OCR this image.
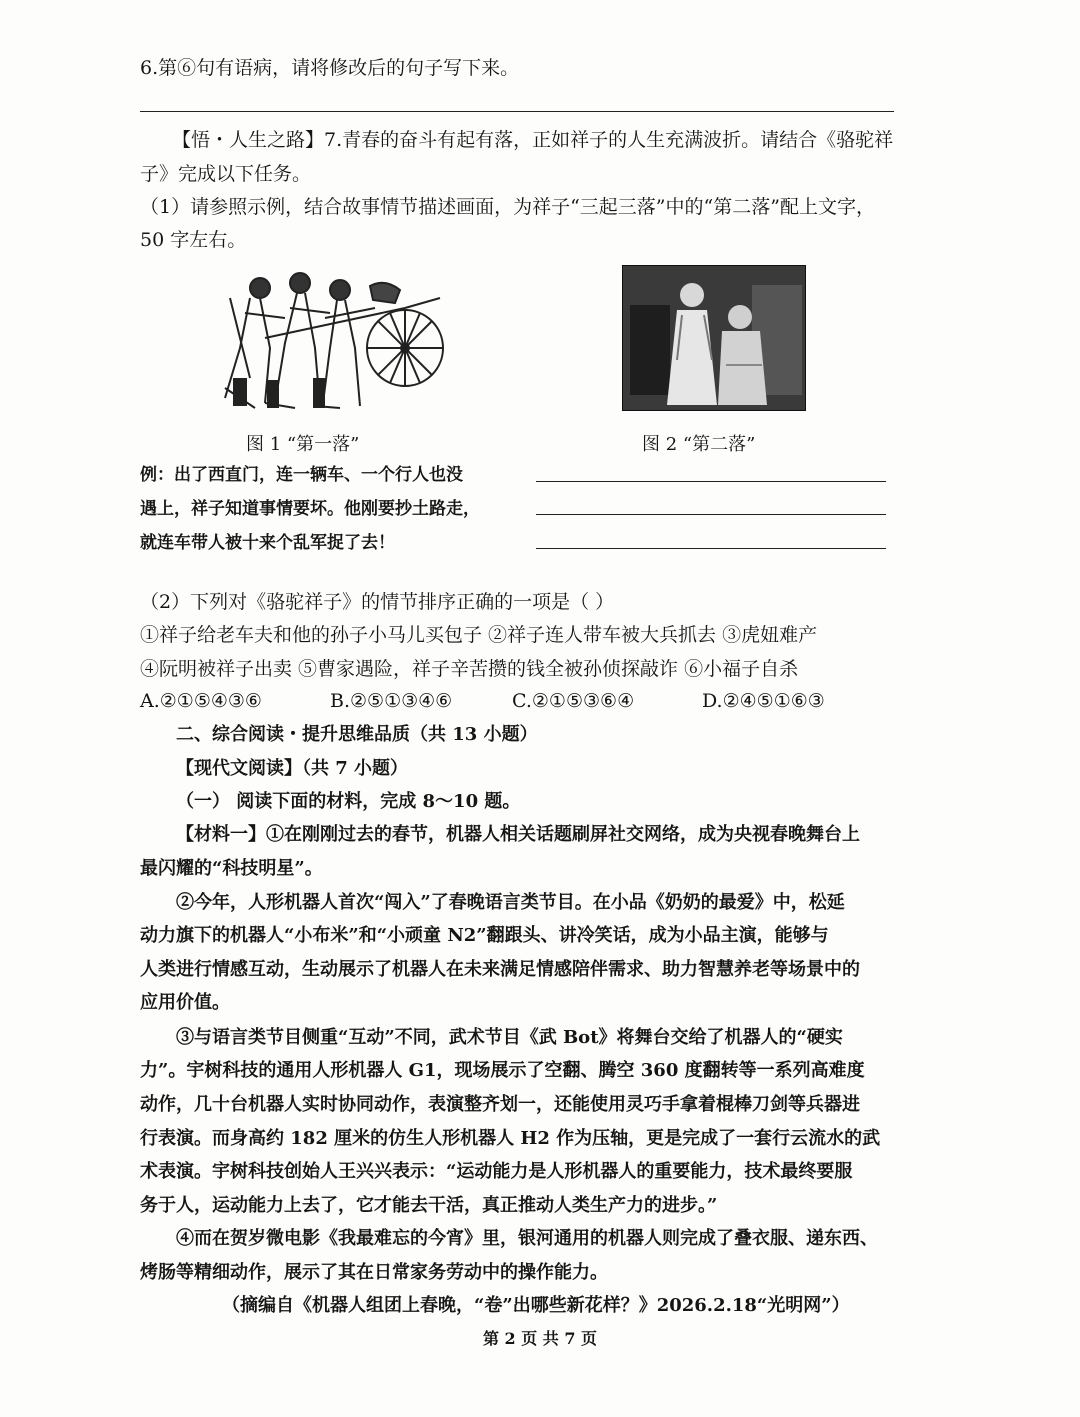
6.第⑥句有语病，请将修改后的句子写下来。
【悟・人生之路】7.青春的奋斗有起有落，正如祥子的人生充满波折。请结合《骆驼祥
子》完成以下任务。
（1）请参照示例，结合故事情节描述画面，为祥子“三起三落”中的“第二落”配上文字，
50 字左右。
图 1 “第一落”	图 2 “第二落”
例：出了西直门，连一辆车、一个行人也没
遇上，祥子知道事情要坏。他刚要抄土路走，
就连车带人被十来个乱军捉了去！
（2）下列对《骆驼祥子》的情节排序正确的一项是（ ）
①祥子给老车夫和他的孙子小马儿买包子 ②祥子连人带车被大兵抓去 ③虎妞难产
④阮明被祥子出卖 ⑤曹家遇险，祥子辛苦攒的钱全被孙侦探敲诈 ⑥小福子自杀
A.②①⑤④③⑥	B.②⑤①③④⑥	C.②①⑤③⑥④	D.②④⑤①⑥③
二、综合阅读・提升思维品质（共 13 小题）
【现代文阅读】（共 7 小题）
（一） 阅读下面的材料，完成 8～10 题。
【材料一】①在刚刚过去的春节，机器人相关话题刷屏社交网络，成为央视春晚舞台上
最闪耀的“科技明星”。
②今年，人形机器人首次“闯入”了春晚语言类节目。在小品《奶奶的最爱》中，松延
动力旗下的机器人“小布米”和“小顽童 N2”翻跟头、讲冷笑话，成为小品主演，能够与
人类进行情感互动，生动展示了机器人在未来满足情感陪伴需求、助力智慧养老等场景中的
应用价值。
③与语言类节目侧重“互动”不同，武术节目《武 Bot》将舞台交给了机器人的“硬实
力”。宇树科技的通用人形机器人 G1，现场展示了空翻、腾空 360 度翻转等一系列高难度
动作，几十台机器人实时协同动作，表演整齐划一，还能使用灵巧手拿着棍棒刀剑等兵器进
行表演。而身高约 182 厘米的仿生人形机器人 H2 作为压轴，更是完成了一套行云流水的武
术表演。宇树科技创始人王兴兴表示：“运动能力是人形机器人的重要能力，技术最终要服
务于人，运动能力上去了，它才能去干活，真正推动人类生产力的进步。”
④而在贺岁微电影《我最难忘的今宵》里，银河通用的机器人则完成了叠衣服、递东西、
烤肠等精细动作，展示了其在日常家务劳动中的操作能力。
（摘编自《机器人组团上春晚，“卷”出哪些新花样？》2026.2.18“光明网”）
第 2 页 共 7 页
